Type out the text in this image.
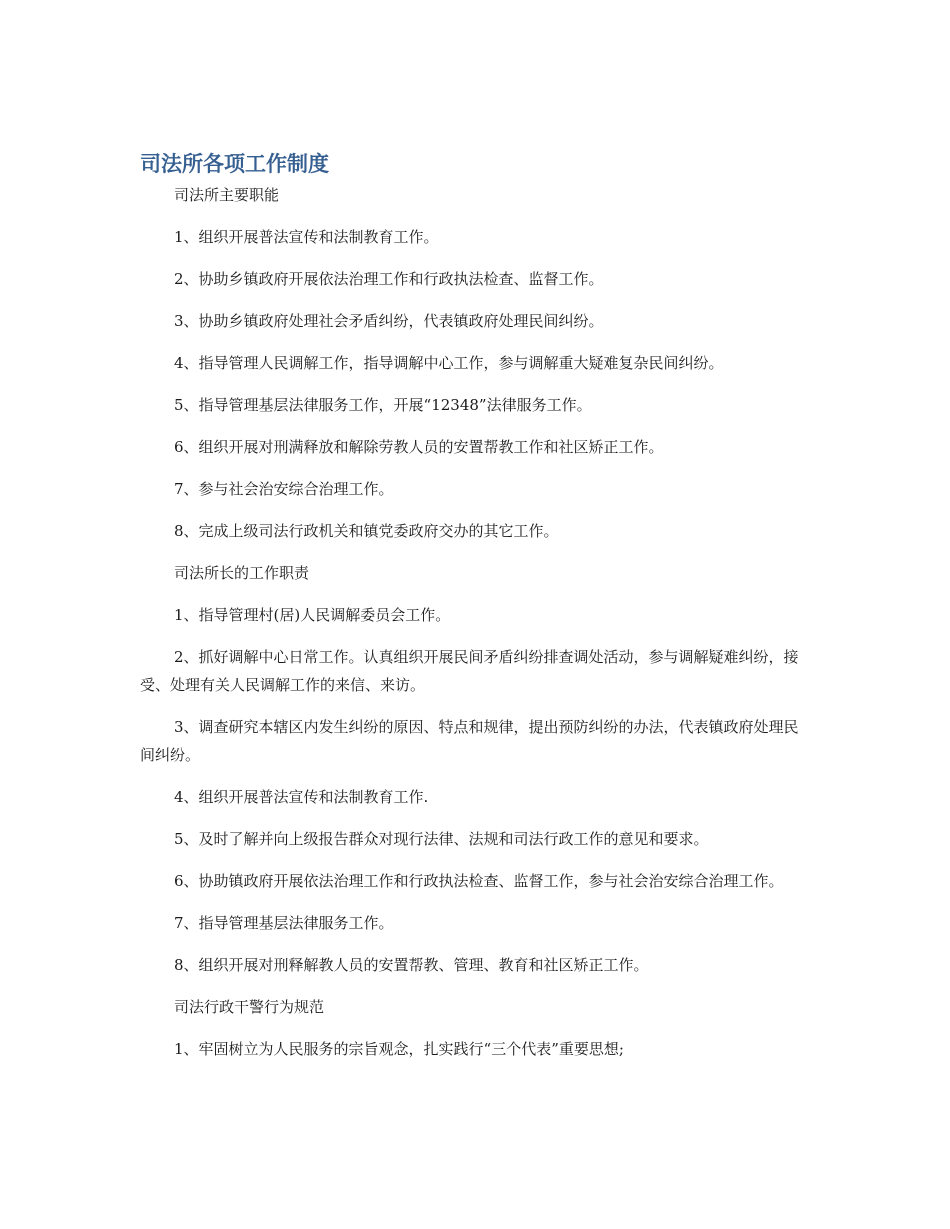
司法所各项工作制度

司法所主要职能

1、组织开展普法宣传和法制教育工作。

2、协助乡镇政府开展依法治理工作和行政执法检查、监督工作。

3、协助乡镇政府处理社会矛盾纠纷，代表镇政府处理民间纠纷。

4、指导管理人民调解工作，指导调解中心工作，参与调解重大疑难复杂民间纠纷。

5、指导管理基层法律服务工作，开展“12348”法律服务工作。

6、组织开展对刑满释放和解除劳教人员的安置帮教工作和社区矫正工作。

7、参与社会治安综合治理工作。

8、完成上级司法行政机关和镇党委政府交办的其它工作。

司法所长的工作职责

1、指导管理村(居)人民调解委员会工作。

2、抓好调解中心日常工作。认真组织开展民间矛盾纠纷排查调处活动，参与调解疑难纠纷，接受、处理有关人民调解工作的来信、来访。

3、调查研究本辖区内发生纠纷的原因、特点和规律，提出预防纠纷的办法，代表镇政府处理民间纠纷。

4、组织开展普法宣传和法制教育工作.

5、及时了解并向上级报告群众对现行法律、法规和司法行政工作的意见和要求。

6、协助镇政府开展依法治理工作和行政执法检查、监督工作，参与社会治安综合治理工作。

7、指导管理基层法律服务工作。

8、组织开展对刑释解教人员的安置帮教、管理、教育和社区矫正工作。

司法行政干警行为规范

1、牢固树立为人民服务的宗旨观念，扎实践行“三个代表”重要思想;
